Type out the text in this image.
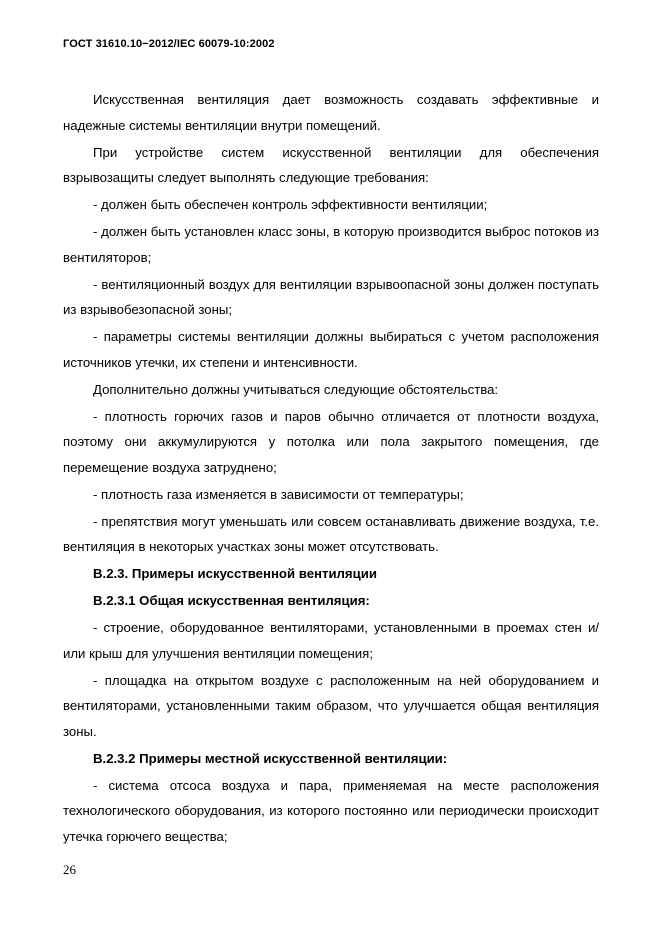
ГОСТ 31610.10−2012/IEC 60079-10:2002

Искусственная вентиляция дает возможность создавать эффективные и надежные системы вентиляции внутри помещений.

При устройстве систем искусственной вентиляции для обеспечения взрывозащиты следует выполнять следующие требования:

- должен быть обеспечен контроль эффективности вентиляции;

- должен быть установлен класс зоны, в которую производится выброс потоков из вентиляторов;

- вентиляционный воздух для вентиляции взрывоопасной зоны должен поступать из взрывобезопасной зоны;

- параметры системы вентиляции должны выбираться с учетом расположения источников утечки, их степени и интенсивности.

Дополнительно должны учитываться следующие обстоятельства:

- плотность горючих газов и паров обычно отличается от плотности воздуха, поэтому они аккумулируются у потолка или пола закрытого помещения, где перемещение воздуха затруднено;

- плотность газа изменяется в зависимости от температуры;

- препятствия могут уменьшать или совсем останавливать движение воздуха, т.е. вентиляция в некоторых участках зоны может отсутствовать.

В.2.3. Примеры искусственной вентиляции

В.2.3.1 Общая искусственная вентиляция:

- строение, оборудованное вентиляторами, установленными в проемах стен и/или крыш для улучшения вентиляции помещения;

- площадка на открытом воздухе с расположенным на ней оборудованием и вентиляторами, установленными таким образом, что улучшается общая вентиляция зоны.

В.2.3.2 Примеры местной искусственной вентиляции:

- система отсоса воздуха и пара, применяемая на месте расположения технологического оборудования, из которого постоянно или периодически происходит утечка горючего вещества;

26
